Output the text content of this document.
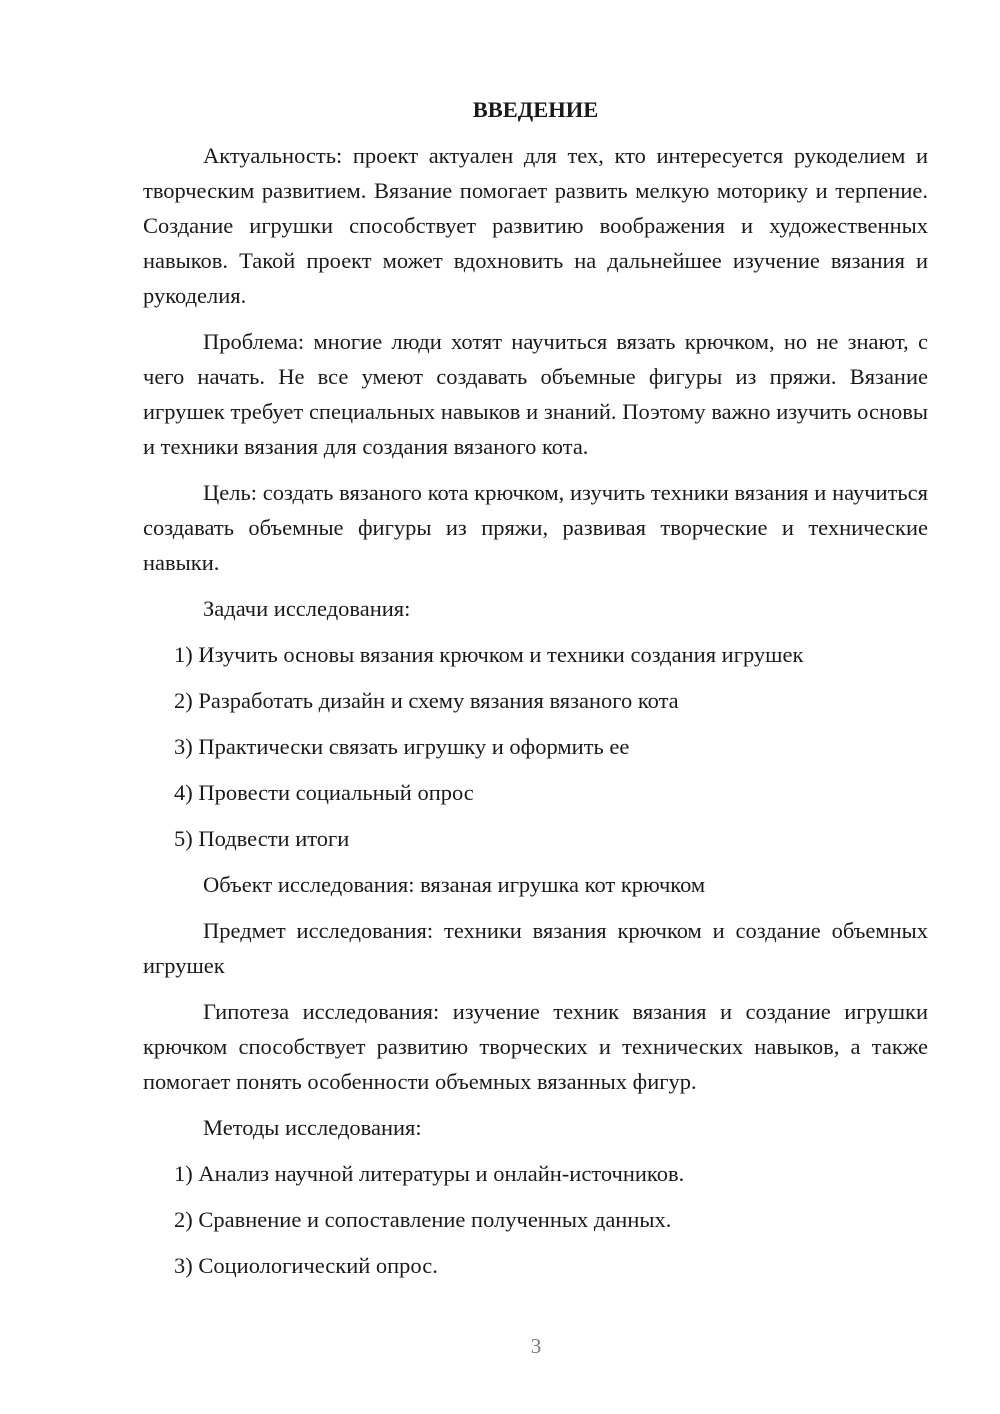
ВВЕДЕНИЕ

Актуальность: проект актуален для тех, кто интересуется рукоделием и творческим развитием. Вязание помогает развить мелкую моторику и терпение. Создание игрушки способствует развитию воображения и художественных навыков. Такой проект может вдохновить на дальнейшее изучение вязания и рукоделия.

Проблема: многие люди хотят научиться вязать крючком, но не знают, с чего начать. Не все умеют создавать объемные фигуры из пряжи. Вязание игрушек требует специальных навыков и знаний. Поэтому важно изучить основы и техники вязания для создания вязаного кота.

Цель: создать вязаного кота крючком, изучить техники вязания и научиться создавать объемные фигуры из пряжи, развивая творческие и технические навыки.

Задачи исследования:
1) Изучить основы вязания крючком и техники создания игрушек
2) Разработать дизайн и схему вязания вязаного кота
3) Практически связать игрушку и оформить ее
4) Провести социальный опрос
5) Подвести итоги
Объект исследования: вязаная игрушка кот крючком

Предмет исследования: техники вязания крючком и создание объемных игрушек

Гипотеза исследования: изучение техник вязания и создание игрушки крючком способствует развитию творческих и технических навыков, а также помогает понять особенности объемных вязанных фигур.

Методы исследования:
1) Анализ научной литературы и онлайн-источников.
2) Сравнение и сопоставление полученных данных.
3) Социологический опрос.
3
